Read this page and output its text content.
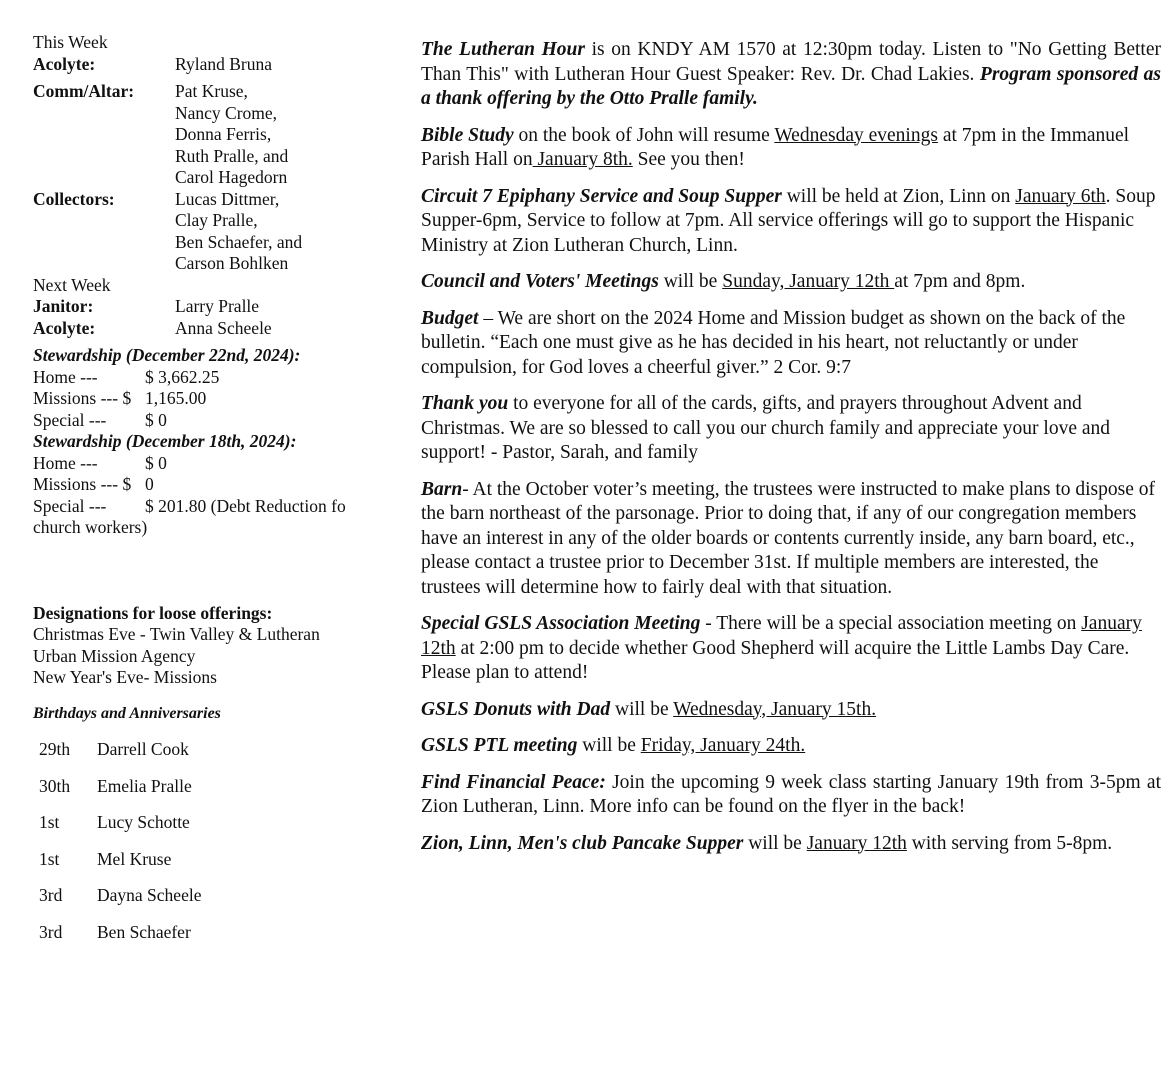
This Week
Acolyte:	Ryland Bruna
Comm/Altar:	Pat Kruse,
Nancy Crome,
Donna Ferris,
Ruth Pralle, and
Carol Hagedorn
Collectors:	Lucas Dittmer,
Clay Pralle,
Ben Schaefer, and
Carson Bohlken
Next Week
Janitor:	Larry Pralle
Acolyte:	Anna Scheele
Stewardship (December 22nd, 2024):
Home ---	$ 3,662.25
Missions --- $ 1,165.00
Special ---	$ 0
Stewardship (December 18th, 2024):
Home ---	$ 0
Missions --- $ 0
Special ---	$ 201.80 (Debt Reduction fo
church workers)
Designations for loose offerings:
Christmas Eve - Twin Valley & Lutheran
Urban Mission Agency
New Year's Eve- Missions
Birthdays and Anniversaries
29th	Darrell Cook
30th	Emelia Pralle
1st	Lucy Schotte
1st	Mel Kruse
3rd	Dayna Scheele
3rd	Ben Schaefer

The Lutheran Hour is on KNDY AM 1570 at 12:30pm today. Listen to "No Getting Better Than This" with Lutheran Hour Guest Speaker: Rev. Dr. Chad Lakies. Program sponsored as a thank offering by the Otto Pralle family.

Bible Study on the book of John will resume Wednesday evenings at 7pm in the Immanuel Parish Hall on January 8th. See you then!

Circuit 7 Epiphany Service and Soup Supper will be held at Zion, Linn on January 6th. Soup Supper-6pm, Service to follow at 7pm. All service offerings will go to support the Hispanic Ministry at Zion Lutheran Church, Linn.

Council and Voters' Meetings will be Sunday, January 12th at 7pm and 8pm.

Budget – We are short on the 2024 Home and Mission budget as shown on the back of the bulletin. “Each one must give as he has decided in his heart, not reluctantly or under compulsion, for God loves a cheerful giver.” 2 Cor. 9:7

Thank you to everyone for all of the cards, gifts, and prayers throughout Advent and Christmas. We are so blessed to call you our church family and appreciate your love and support! - Pastor, Sarah, and family

Barn- At the October voter’s meeting, the trustees were instructed to make plans to dispose of the barn northeast of the parsonage. Prior to doing that, if any of our congregation members have an interest in any of the older boards or contents currently inside, any barn board, etc., please contact a trustee prior to December 31st. If multiple members are interested, the trustees will determine how to fairly deal with that situation.

Special GSLS Association Meeting - There will be a special association meeting on January 12th at 2:00 pm to decide whether Good Shepherd will acquire the Little Lambs Day Care. Please plan to attend!

GSLS Donuts with Dad will be Wednesday, January 15th.

GSLS PTL meeting will be Friday, January 24th.

Find Financial Peace: Join the upcoming 9 week class starting January 19th from 3-5pm at Zion Lutheran, Linn. More info can be found on the flyer in the back!

Zion, Linn, Men's club Pancake Supper will be January 12th with serving from 5-8pm.
